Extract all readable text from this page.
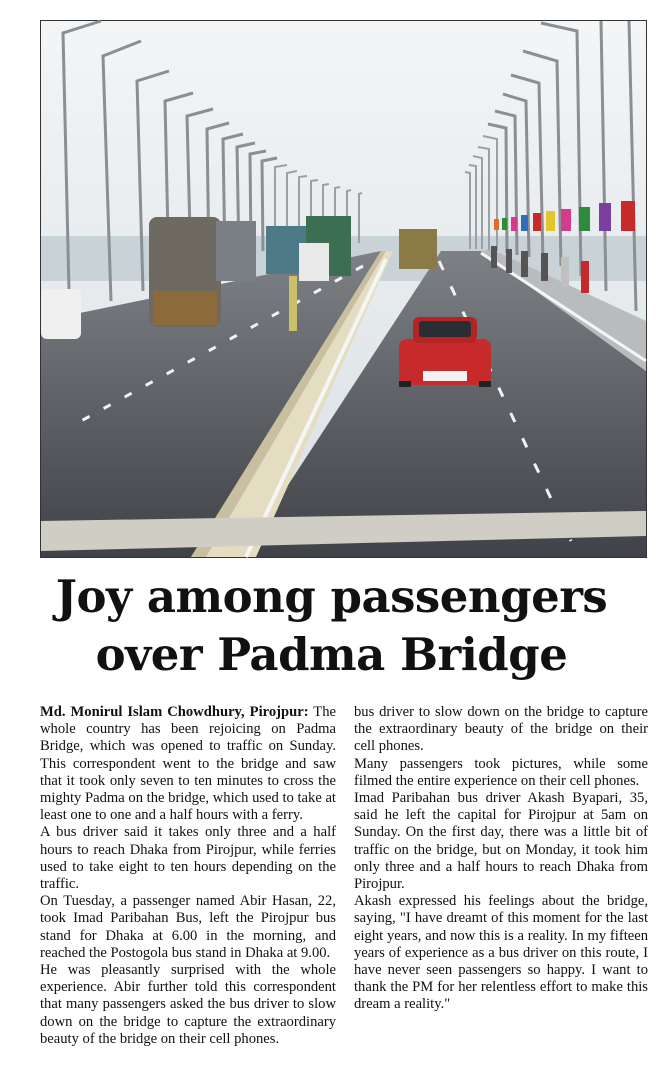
Joy among passengers
over Padma Bridge

Md. Monirul Islam Chowdhury, Pirojpur: The whole country has been rejoicing on Padma Bridge, which was opened to traffic on Sunday. This correspondent went to the bridge and saw that it took only seven to ten minutes to cross the mighty Padma on the bridge, which used to take at least one to one and a half hours with a ferry.

A bus driver said it takes only three and a half hours to reach Dhaka from Pirojpur, while ferries used to take eight to ten hours depending on the traffic.

On Tuesday, a passenger named Abir Hasan, 22, took Imad Paribahan Bus, left the Pirojpur bus stand for Dhaka at 6.00 in the morning, and reached the Postogola bus stand in Dhaka at 9.00.

He was pleasantly surprised with the whole experience. Abir further told this correspondent that many passengers asked the bus driver to slow down on the bridge to capture the extraordinary beauty of the bridge on their cell phones.

bus driver to slow down on the bridge to capture the extraordinary beauty of the bridge on their cell phones.

Many passengers took pictures, while some filmed the entire experience on their cell phones.

Imad Paribahan bus driver Akash Byapari, 35, said he left the capital for Pirojpur at 5am on Sunday. On the first day, there was a little bit of traffic on the bridge, but on Monday, it took him only three and a half hours to reach Dhaka from Pirojpur.

Akash expressed his feelings about the bridge, saying, "I have dreamt of this moment for the last eight years, and now this is a reality. In my fifteen years of experience as a bus driver on this route, I have never seen passengers so happy. I want to thank the PM for her relentless effort to make this dream a reality."
